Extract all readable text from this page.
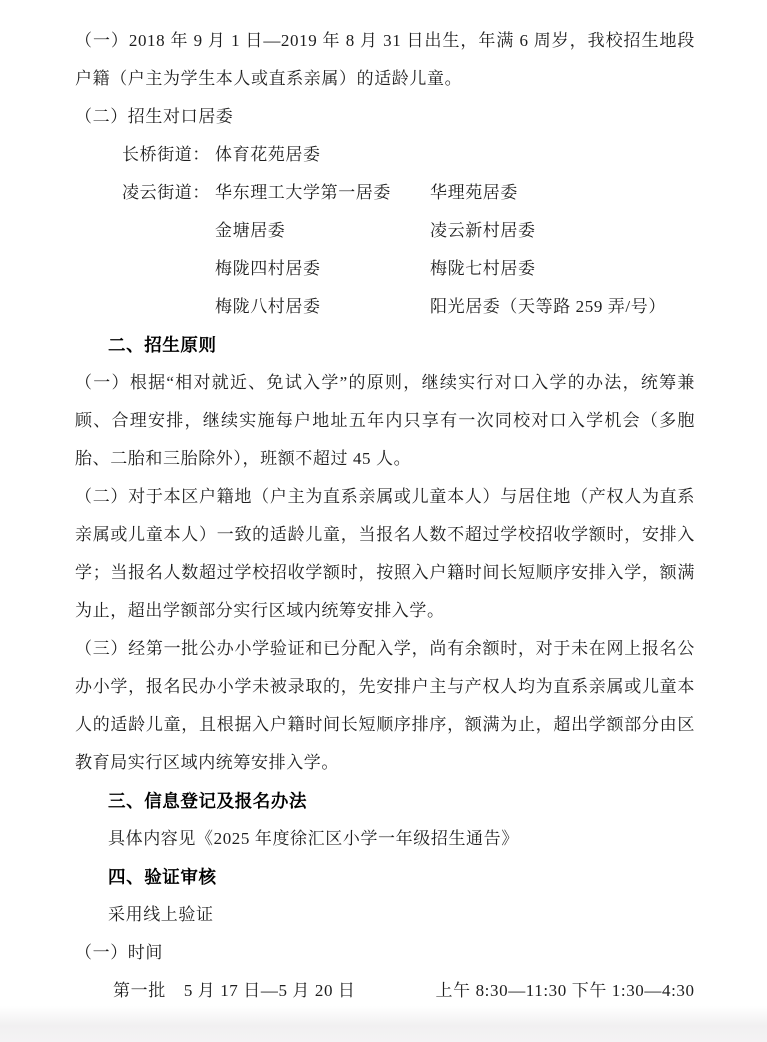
（一）2018 年 9 月 1 日—2019 年 8 月 31 日出生，年满 6 周岁，我校招生地段户籍（户主为学生本人或直系亲属）的适龄儿童。

（二）招生对口居委

长桥街道： 体育花苑居委
凌云街道： 华东理工大学第一居委	华理苑居委
金塘居委	凌云新村居委
梅陇四村居委	梅陇七村居委
梅陇八村居委	阳光居委（天等路 259 弄/号）

二、招生原则

（一）根据“相对就近、免试入学”的原则，继续实行对口入学的办法，统筹兼顾、合理安排，继续实施每户地址五年内只享有一次同校对口入学机会（多胞胎、二胎和三胎除外），班额不超过 45 人。

（二）对于本区户籍地（户主为直系亲属或儿童本人）与居住地（产权人为直系亲属或儿童本人）一致的适龄儿童，当报名人数不超过学校招收学额时，安排入学；当报名人数超过学校招收学额时，按照入户籍时间长短顺序安排入学，额满为止，超出学额部分实行区域内统筹安排入学。

（三）经第一批公办小学验证和已分配入学，尚有余额时，对于未在网上报名公办小学，报名民办小学未被录取的，先安排户主与产权人均为直系亲属或儿童本人的适龄儿童，且根据入户籍时间长短顺序排序，额满为止，超出学额部分由区教育局实行区域内统筹安排入学。

三、信息登记及报名办法

具体内容见《2025 年度徐汇区小学一年级招生通告》

四、验证审核

采用线上验证

（一）时间

第一批 5 月 17 日—5 月 20 日	上午 8:30—11:30 下午 1:30—4:30
